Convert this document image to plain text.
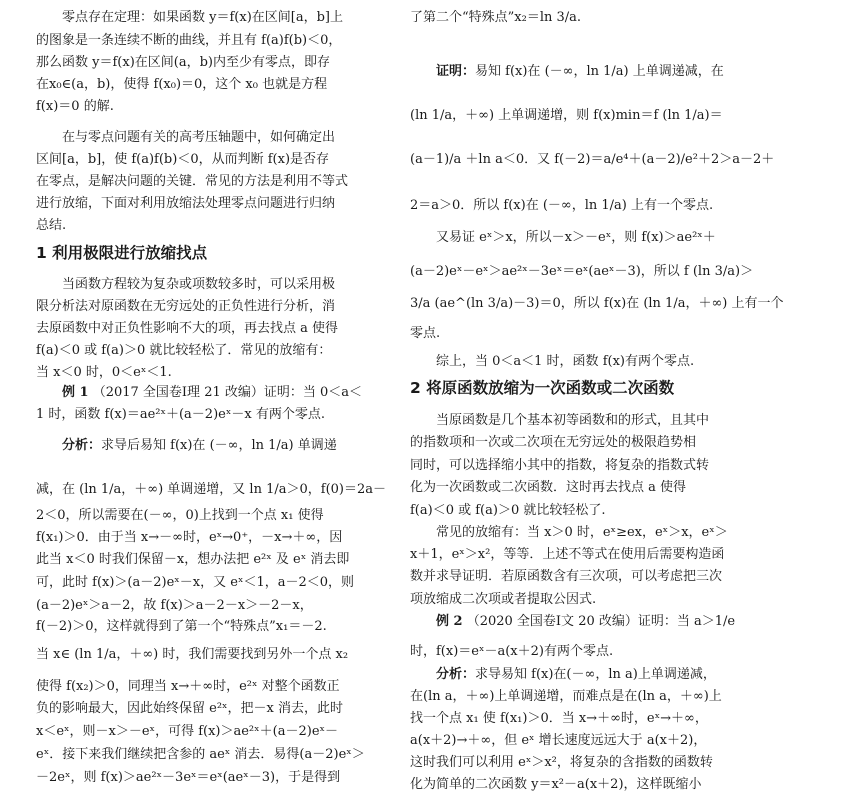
零点存在定理：如果函数 y＝f(x)在区间[a，b]上
的图象是一条连续不断的曲线，并且有 f(a)f(b)＜0，
那么函数 y＝f(x)在区间(a，b)内至少有零点，即存
在x₀∈(a，b)，使得 f(x₀)＝0，这个 x₀ 也就是方程
f(x)＝0 的解.
在与零点问题有关的高考压轴题中，如何确定出
区间[a，b]，使 f(a)f(b)＜0，从而判断 f(x)是否存
在零点，是解决问题的关键．常见的方法是利用不等式
进行放缩，下面对利用放缩法处理零点问题进行归纳
总结.
1 利用极限进行放缩找点
当函数方程较为复杂或项数较多时，可以采用极
限分析法对原函数在无穷远处的正负性进行分析，消
去原函数中对正负性影响不大的项，再去找点 a 使得
f(a)＜0 或 f(a)＞0 就比较轻松了．常见的放缩有：
当 x＜0 时，0＜eˣ＜1.
例 1 （2017 全国卷Ⅰ理 21 改编）证明：当 0＜a＜
1 时，函数 f(x)＝ae²ˣ＋(a－2)eˣ－x 有两个零点.
分析：求导后易知 f(x)在 (－∞，ln 1/a) 单调递
减，在 (ln 1/a，＋∞) 单调递增，又 ln 1/a＞0，f(0)＝2a－
2＜0，所以需要在(－∞，0)上找到一个点 x₁ 使得
f(x₁)＞0．由于当 x→－∞时，eˣ→0⁺，－x→＋∞，因
此当 x＜0 时我们保留－x，想办法把 e²ˣ 及 eˣ 消去即
可，此时 f(x)＞(a－2)eˣ－x，又 eˣ＜1，a－2＜0，则
(a－2)eˣ＞a－2，故 f(x)＞a－2－x＞－2－x，
f(－2)＞0，这样就得到了第一个“特殊点”x₁＝－2.
当 x∈ (ln 1/a，＋∞) 时，我们需要找到另外一个点 x₂
使得 f(x₂)＞0，同理当 x→＋∞时，e²ˣ 对整个函数正
负的影响最大，因此始终保留 e²ˣ，把－x 消去，此时
x＜eˣ，则－x＞－eˣ，可得 f(x)＞ae²ˣ＋(a－2)eˣ－
eˣ．接下来我们继续把含参的 aeˣ 消去．易得(a－2)eˣ＞
－2eˣ，则 f(x)＞ae²ˣ－3eˣ＝eˣ(aeˣ－3)，于是得到
了第二个“特殊点”x₂＝ln 3/a.
证明：易知 f(x)在 (－∞，ln 1/a) 上单调递减，在
(ln 1/a，＋∞) 上单调递增，则 f(x)min＝f (ln 1/a)＝
(a－1)/a ＋ln a＜0．又 f(－2)＝a/e⁴＋(a－2)/e²＋2＞a－2＋
2＝a＞0．所以 f(x)在 (－∞，ln 1/a) 上有一个零点.
又易证 eˣ＞x，所以－x＞－eˣ，则 f(x)＞ae²ˣ＋
(a－2)eˣ－eˣ＞ae²ˣ－3eˣ＝eˣ(aeˣ－3)，所以 f (ln 3/a)＞
3/a (ae^(ln 3/a)－3)＝0，所以 f(x)在 (ln 1/a，＋∞) 上有一个
零点.
综上，当 0＜a＜1 时，函数 f(x)有两个零点.
2 将原函数放缩为一次函数或二次函数
当原函数是几个基本初等函数和的形式，且其中
的指数项和一次或二次项在无穷远处的极限趋势相
同时，可以选择缩小其中的指数，将复杂的指数式转
化为一次函数或二次函数．这时再去找点 a 使得
f(a)＜0 或 f(a)＞0 就比较轻松了.
常见的放缩有：当 x＞0 时，eˣ≥ex，eˣ＞x，eˣ＞
x＋1，eˣ＞x²，等等．上述不等式在使用后需要构造函
数并求导证明．若原函数含有三次项，可以考虑把三次
项放缩成二次项或者提取公因式.
例 2 （2020 全国卷Ⅰ文 20 改编）证明：当 a＞1/e
时，f(x)＝eˣ－a(x＋2)有两个零点.
分析：求导易知 f(x)在(－∞，ln a)上单调递减，
在(ln a，＋∞)上单调递增，而难点是在(ln a，＋∞)上
找一个点 x₁ 使 f(x₁)＞0．当 x→＋∞时，eˣ→＋∞，
a(x＋2)→＋∞，但 eˣ 增长速度远远大于 a(x＋2)，
这时我们可以利用 eˣ＞x²，将复杂的含指数的函数转
化为简单的二次函数 y＝x²－a(x＋2)，这样既缩小
